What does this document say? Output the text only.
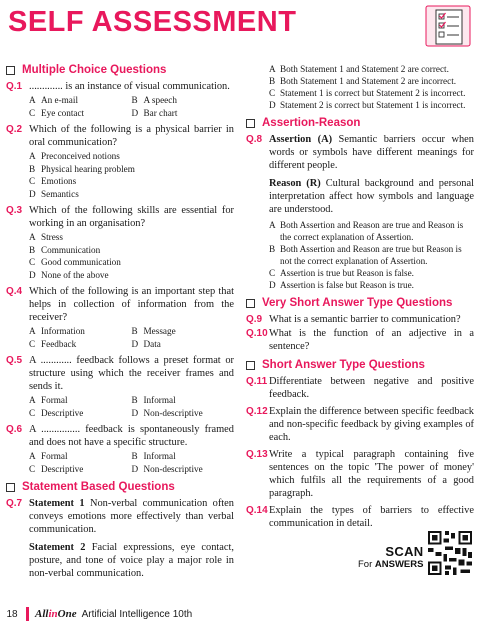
SELF ASSESSMENT
Multiple Choice Questions
Q.1 ............. is an instance of visual communication.
A An e-mail	B A speech
C Eye contact	D Bar chart
Q.2 Which of the following is a physical barrier in oral communication?
A Preconceived notions
B Physical hearing problem
C Emotions
D Semantics
Q.3 Which of the following skills are essential for working in an organisation?
A Stress
B Communication
C Good communication
D None of the above
Q.4 Which of the following is an important step that helps in collection of information from the receiver?
A Information	B Message
C Feedback	D Data
Q.5 A ............ feedback follows a preset format or structure using which the receiver frames and sends it.
A Formal	B Informal
C Descriptive	D Non-descriptive
Q.6 A ............... feedback is spontaneously framed and does not have a specific structure.
A Formal	B Informal
C Descriptive	D Non-descriptive
Statement Based Questions
Q.7 Statement 1 Non-verbal communication often conveys emotions more effectively than verbal communication.
Statement 2 Facial expressions, eye contact, posture, and tone of voice play a major role in non-verbal communication.
A Both Statement 1 and Statement 2 are correct.
B Both Statement 1 and Statement 2 are incorrect.
C Statement 1 is correct but Statement 2 is incorrect.
D Statement 2 is correct but Statement 1 is incorrect.
Assertion-Reason
Q.8 Assertion (A) Semantic barriers occur when words or symbols have different meanings for different people.
Reason (R) Cultural background and personal interpretation affect how symbols and language are understood.
A Both Assertion and Reason are true and Reason is the correct explanation of Assertion.
B Both Assertion and Reason are true but Reason is not the correct explanation of Assertion.
C Assertion is true but Reason is false.
D Assertion is false but Reason is true.
Very Short Answer Type Questions
Q.9 What is a semantic barrier to communication?
Q.10 What is the function of an adjective in a sentence?
Short Answer Type Questions
Q.11 Differentiate between negative and positive feedback.
Q.12 Explain the difference between specific feedback and non-specific feedback by giving examples of each.
Q.13 Write a typical paragraph containing five sentences on the topic 'The power of money' which fulfils all the requirements of a good paragraph.
Q.14 Explain the types of barriers to effective communication in detail.
SCAN
For ANSWERS
18	AllinOne Artificial Intelligence 10th
